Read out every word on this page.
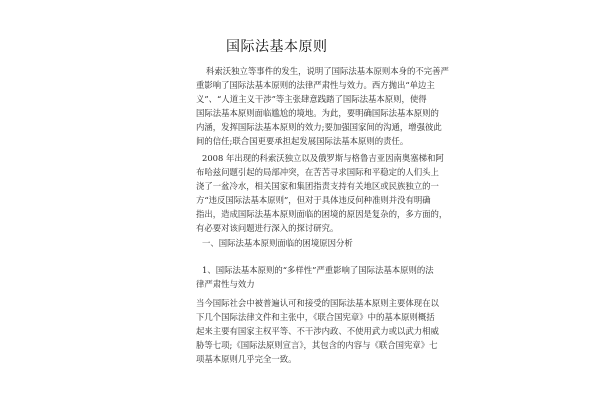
国际法基本原则
科索沃独立等事件的发生，说明了国际法基本原则本身的不完善严
重影响了国际法基本原则的法律严肃性与效力。西方抛出“单边主
义”、“人道主义干涉”等主张肆意践踏了国际法基本原则，使得
国际法基本原则面临尴尬的境地。为此，要明确国际法基本原则的
内涵，发挥国际法基本原则的效力;要加强国家间的沟通，增强彼此
间的信任;联合国更要承担起发展国际法基本原则的责任。
2008 年出现的科索沃独立以及俄罗斯与格鲁吉亚因南奥塞梯和阿
布哈兹问题引起的局部冲突，在苦苦寻求国际和平稳定的人们头上
浇了一盆冷水，相关国家和集团指责支持有关地区或民族独立的一
方“违反国际法基本原则”，但对于具体违反何种准则并没有明确
指出，造成国际法基本原则面临的困境的原因是复杂的，多方面的，
有必要对该问题进行深入的探讨研究。
一、国际法基本原则面临的困境原因分析
1、国际法基本原则的“多样性”严重影响了国际法基本原则的法
律严肃性与效力
当今国际社会中被普遍认可和接受的国际法基本原则主要体现在以
下几个国际法律文件和主张中，《联合国宪章》中的基本原则概括
起来主要有国家主权平等、不干涉内政、不使用武力或以武力相威
胁等七项;《国际法原则宣言》，其包含的内容与《联合国宪章》七
项基本原则几乎完全一致。
